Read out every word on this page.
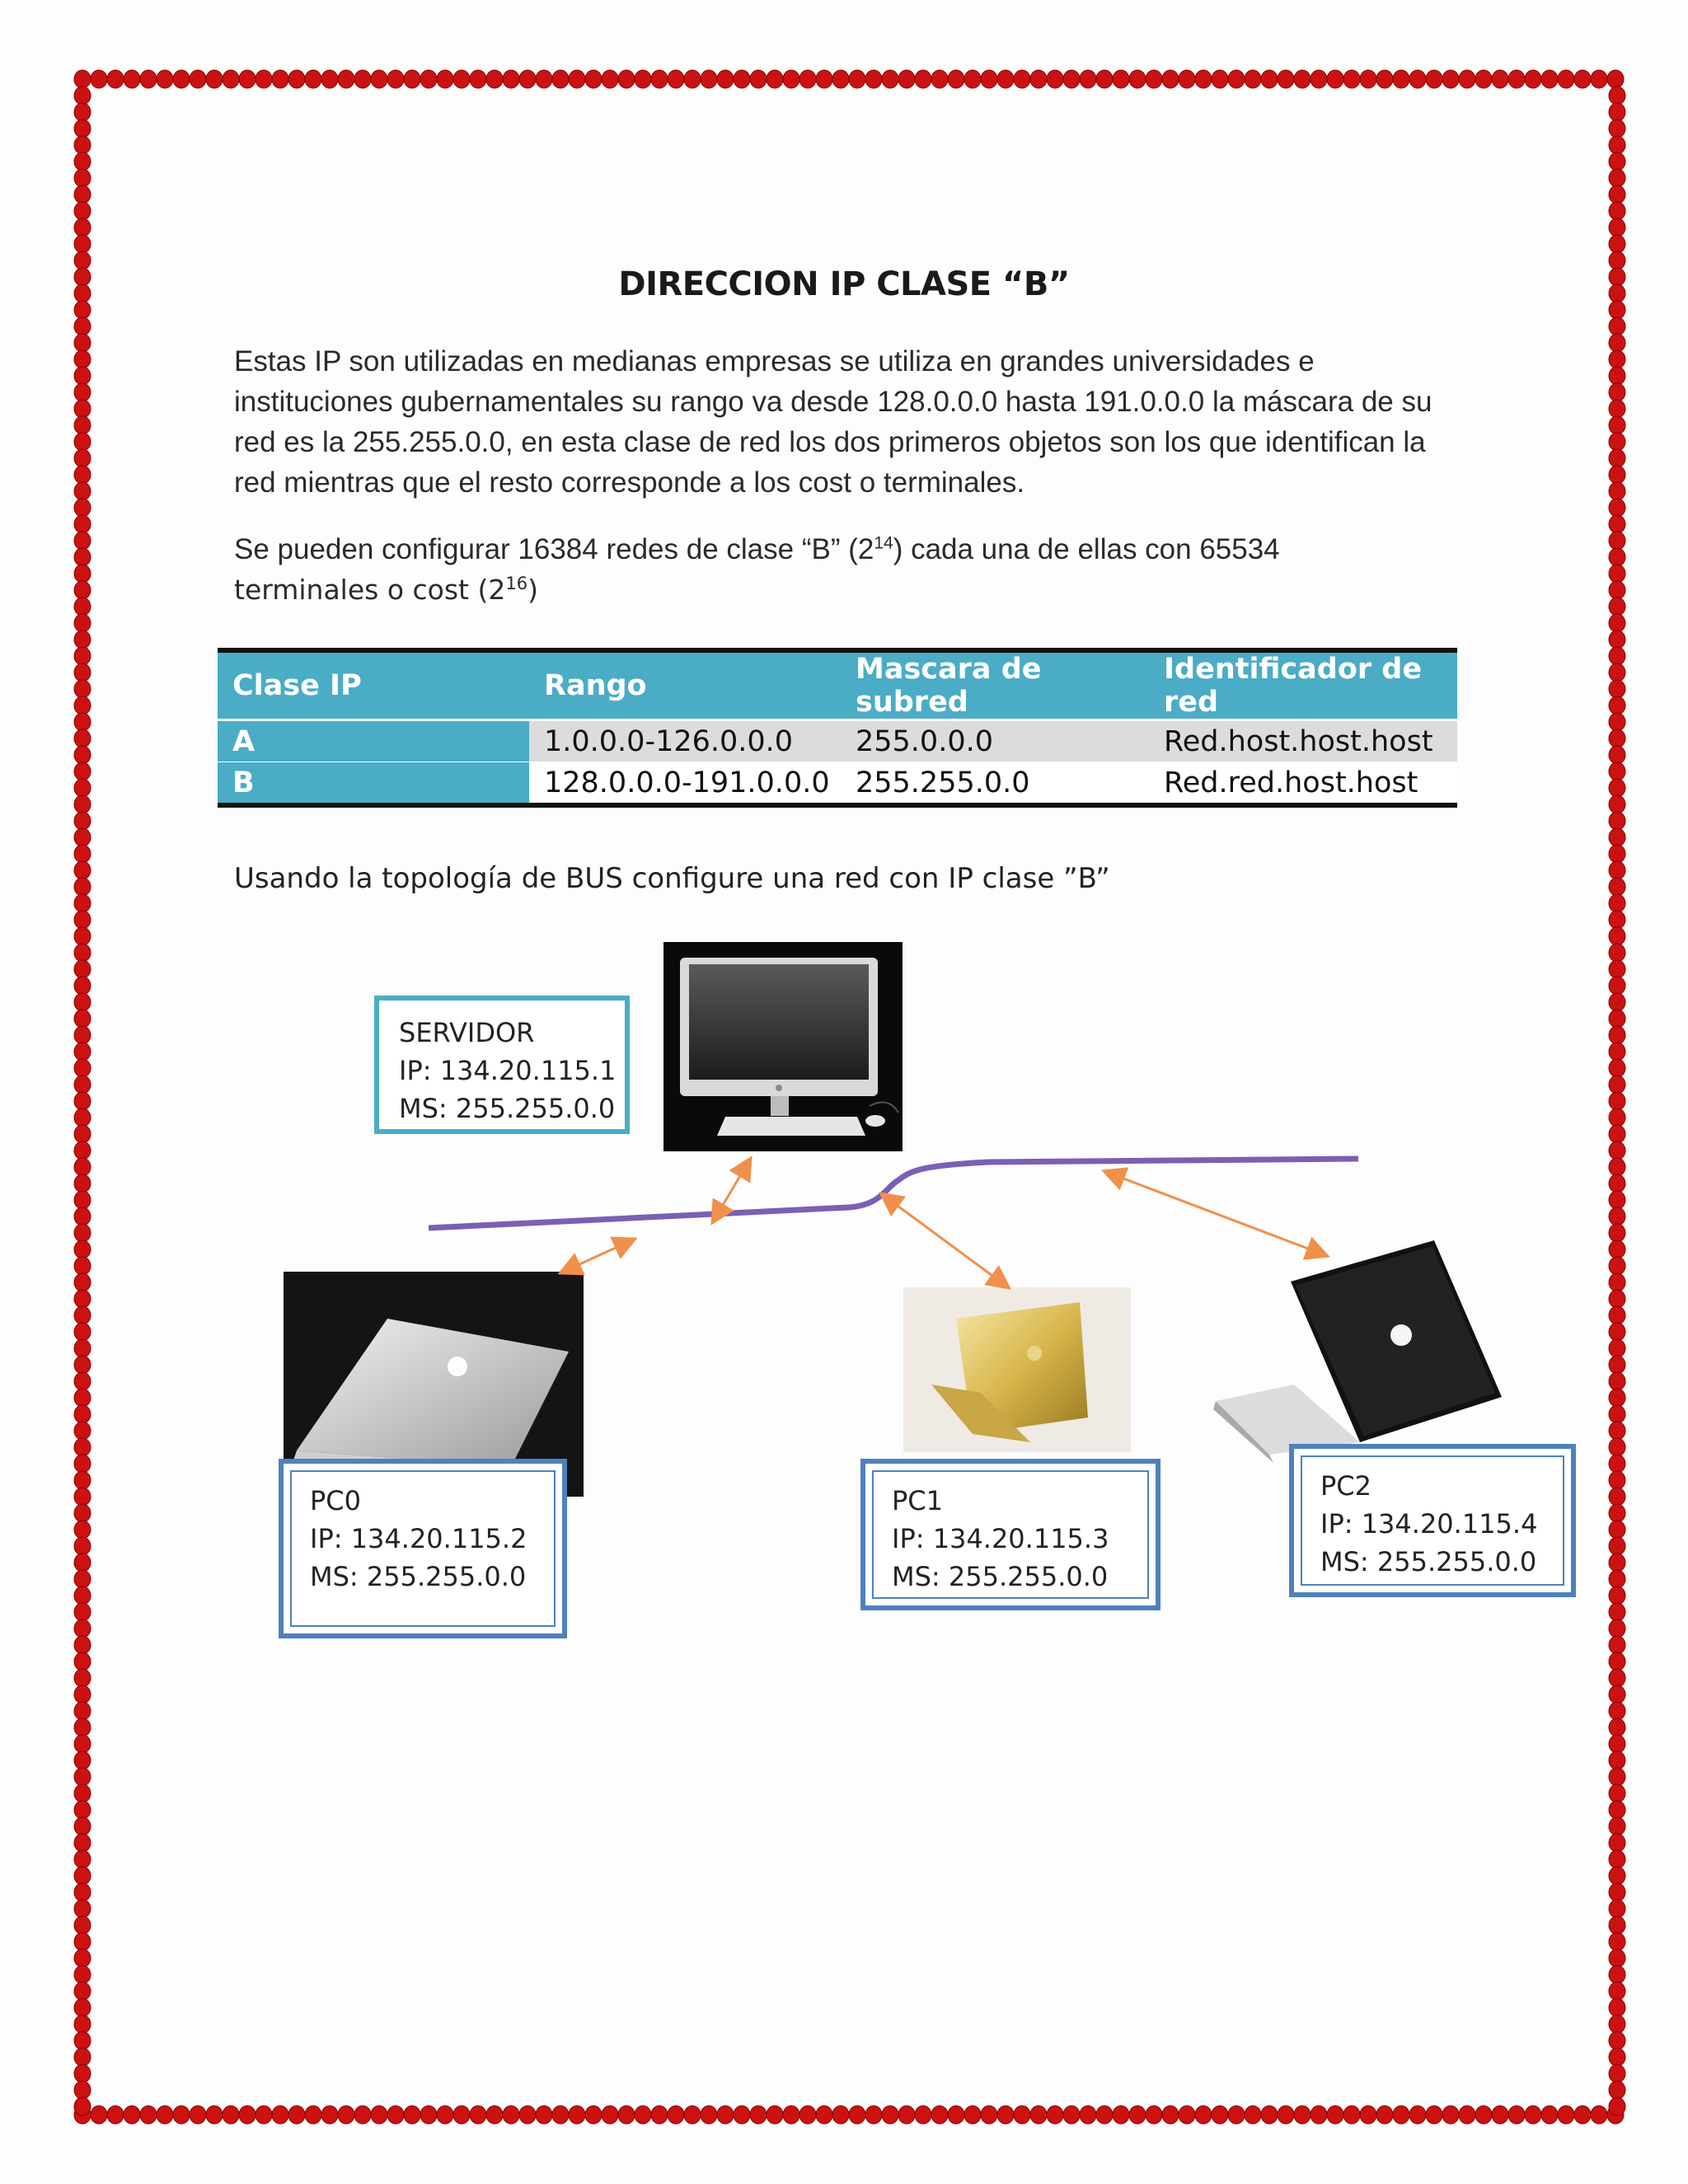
DIRECCION IP CLASE “B”

Estas IP son utilizadas en medianas empresas se utiliza en grandes universidades e instituciones gubernamentales su rango va desde 128.0.0.0 hasta 191.0.0.0 la máscara de su red es la 255.255.0.0, en esta clase de red los dos primeros objetos son los que identifican la red mientras que el resto corresponde a los cost o terminales.

Se pueden configurar 16384 redes de clase “B” $(2^{14})$ cada una de ellas con 65534
terminales o cost $(2^{16})$

Clase IP	Rango	Mascara de subred	Identificador de red
A	1.0.0.0-126.0.0.0	255.0.0.0	Red.host.host.host
B	128.0.0.0-191.0.0.0	255.255.0.0	Red.red.host.host
Usando la topología de BUS configure una red con IP clase ”B”
SERVIDOR
IP: 134.20.115.1
MS: 255.255.0.0
PC0
IP: 134.20.115.2
MS: 255.255.0.0
PC1
IP: 134.20.115.3
MS: 255.255.0.0
PC2
IP: 134.20.115.4
MS: 255.255.0.0
